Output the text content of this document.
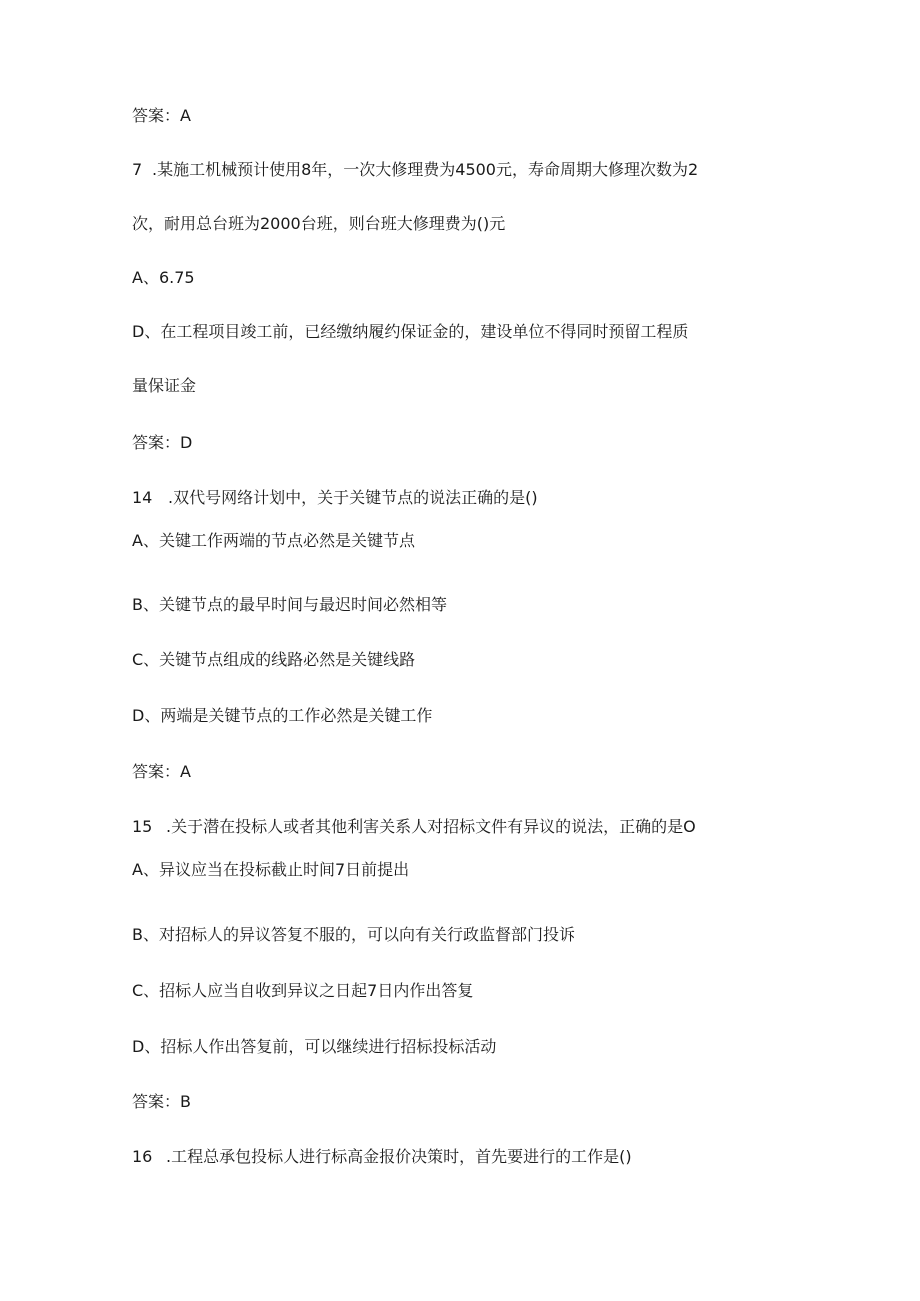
答案：A
7 .某施工机械预计使用8年，一次大修理费为4500元，寿命周期大修理次数为2
次，耐用总台班为2000台班，则台班大修理费为()元
A、6.75
D、在工程项目竣工前，已经缴纳履约保证金的，建设单位不得同时预留工程质
量保证金
答案：D
14 .双代号网络计划中，关于关键节点的说法正确的是()
A、关键工作两端的节点必然是关键节点
B、关键节点的最早时间与最迟时间必然相等
C、关键节点组成的线路必然是关键线路
D、两端是关键节点的工作必然是关键工作
答案：A
15 .关于潜在投标人或者其他利害关系人对招标文件有异议的说法，正确的是O
A、异议应当在投标截止时间7日前提出
B、对招标人的异议答复不服的，可以向有关行政监督部门投诉
C、招标人应当自收到异议之日起7日内作出答复
D、招标人作出答复前，可以继续进行招标投标活动
答案：B
16 .工程总承包投标人进行标高金报价决策时，首先要进行的工作是()
